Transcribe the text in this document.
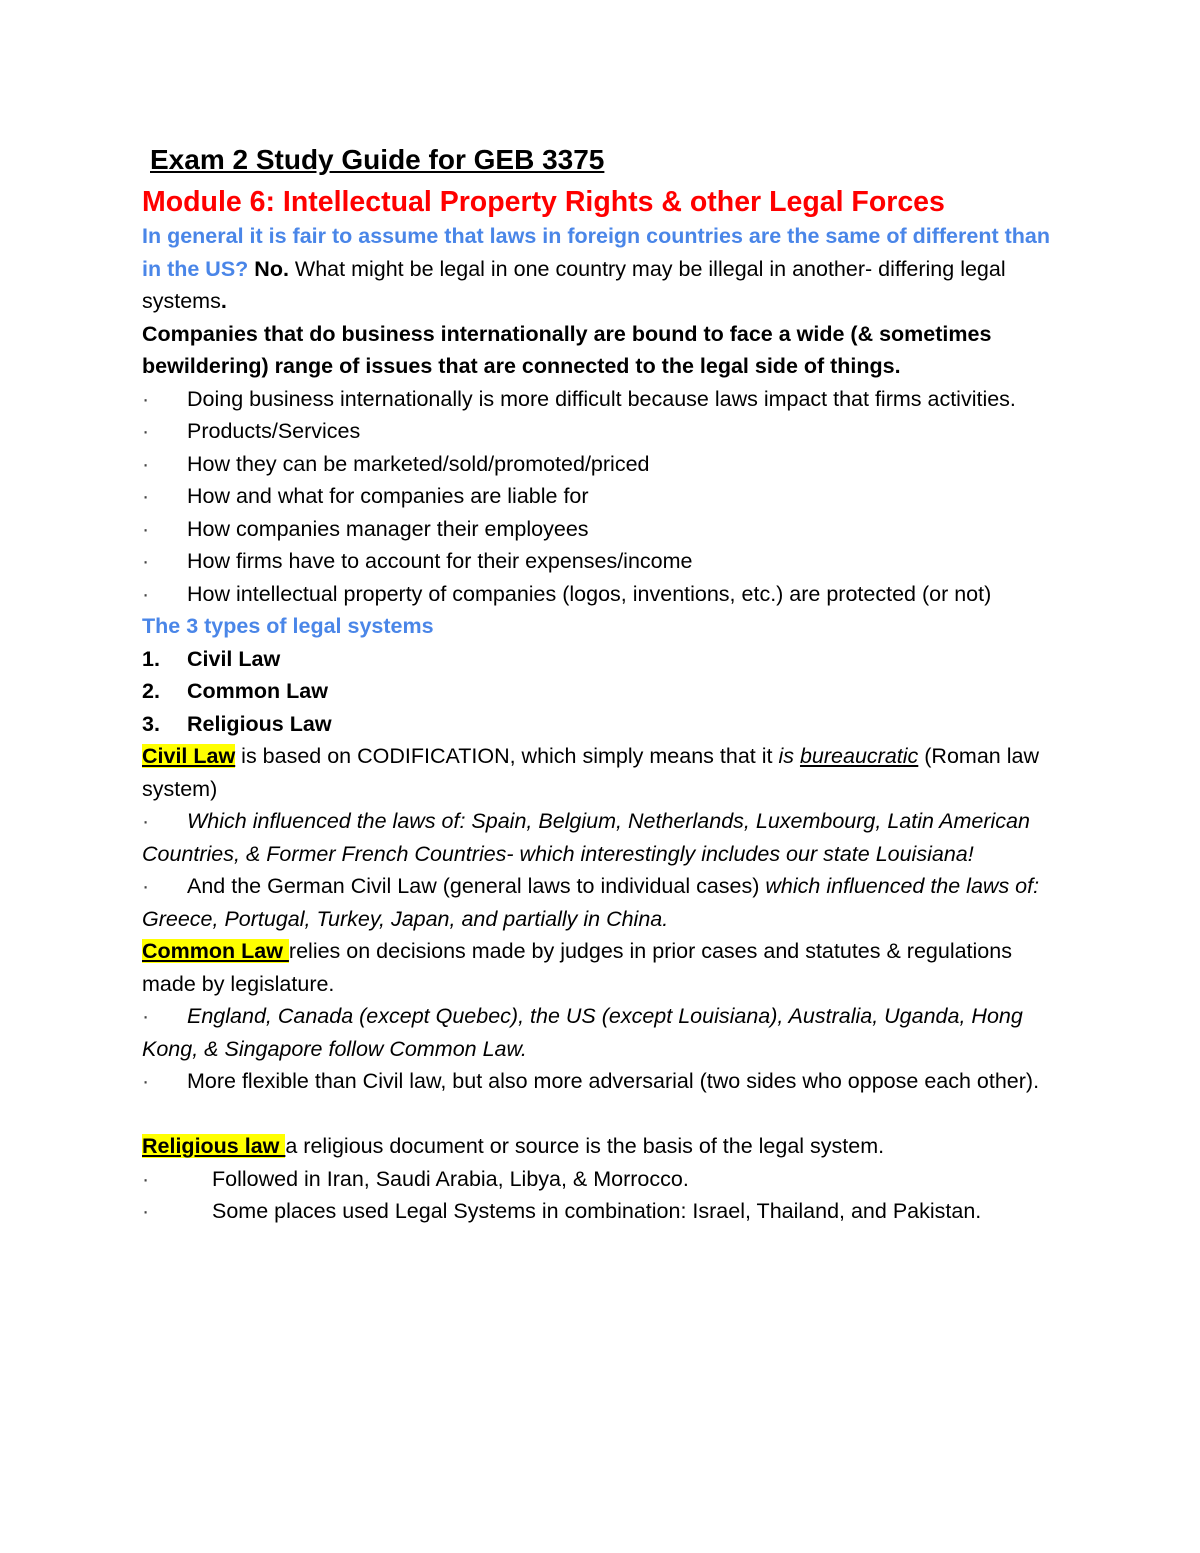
Exam 2 Study Guide for GEB 3375
Module 6: Intellectual Property Rights & other Legal Forces

In general it is fair to assume that laws in foreign countries are the same of different than in the US? No. What might be legal in one country may be illegal in another- differing legal systems.

Companies that do business internationally are bound to face a wide (& sometimes bewildering) range of issues that are connected to the legal side of things.

· Doing business internationally is more difficult because laws impact that firms activities.
· Products/Services
· How they can be marketed/sold/promoted/priced
· How and what for companies are liable for
· How companies manager their employees
· How firms have to account for their expenses/income
· How intellectual property of companies (logos, inventions, etc.) are protected (or not)

The 3 types of legal systems

1. Civil Law
2. Common Law
3. Religious Law

Civil Law is based on CODIFICATION, which simply means that it is bureaucratic (Roman law system)

· Which influenced the laws of: Spain, Belgium, Netherlands, Luxembourg, Latin American Countries, & Former French Countries- which interestingly includes our state Louisiana!
· And the German Civil Law (general laws to individual cases) which influenced the laws of: Greece, Portugal, Turkey, Japan, and partially in China.

Common Law relies on decisions made by judges in prior cases and statutes & regulations made by legislature.

· England, Canada (except Quebec), the US (except Louisiana), Australia, Uganda, Hong Kong, & Singapore follow Common Law.
· More flexible than Civil law, but also more adversarial (two sides who oppose each other).

Religious law a religious document or source is the basis of the legal system.

·	Followed in Iran, Saudi Arabia, Libya, & Morrocco.
·	Some places used Legal Systems in combination: Israel, Thailand, and Pakistan.
